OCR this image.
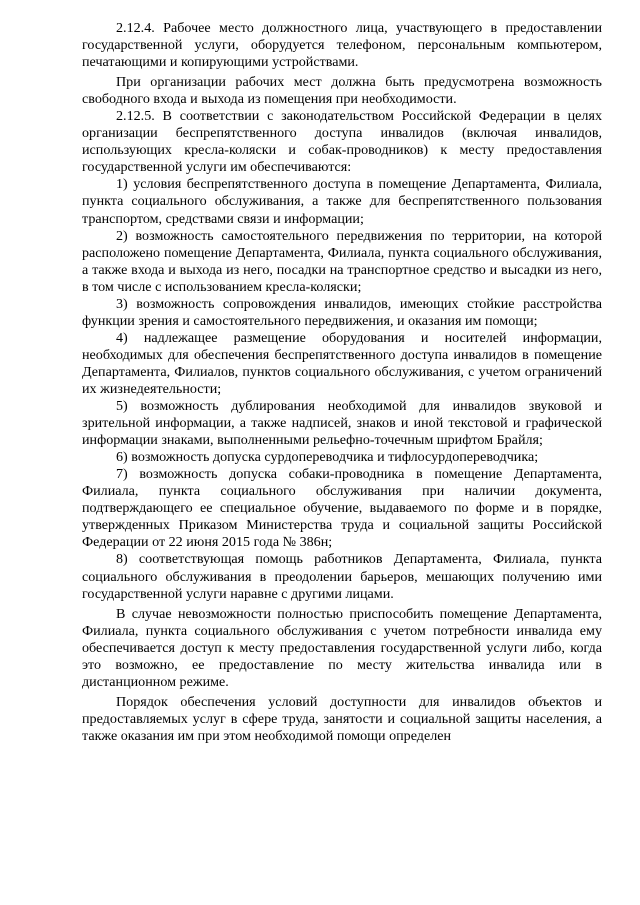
2.12.4. Рабочее место должностного лица, участвующего в предоставлении государственной услуги, оборудуется телефоном, персональным компьютером, печатающими и копирующими устройствами.

При организации рабочих мест должна быть предусмотрена возможность свободного входа и выхода из помещения при необходимости.

2.12.5. В соответствии с законодательством Российской Федерации в целях организации беспрепятственного доступа инвалидов (включая инвалидов, использующих кресла-коляски и собак-проводников) к месту предоставления государственной услуги им обеспечиваются:

1) условия беспрепятственного доступа в помещение Департамента, Филиала, пункта социального обслуживания, а также для беспрепятственного пользования транспортом, средствами связи и информации;

2) возможность самостоятельного передвижения по территории, на которой расположено помещение Департамента, Филиала, пункта социального обслуживания, а также входа и выхода из него, посадки на транспортное средство и высадки из него, в том числе с использованием кресла-коляски;

3) возможность сопровождения инвалидов, имеющих стойкие расстройства функции зрения и самостоятельного передвижения, и оказания им помощи;

4) надлежащее размещение оборудования и носителей информации, необходимых для обеспечения беспрепятственного доступа инвалидов в помещение Департамента, Филиалов, пунктов социального обслуживания, с учетом ограничений их жизнедеятельности;

5) возможность дублирования необходимой для инвалидов звуковой и зрительной информации, а также надписей, знаков и иной текстовой и графической информации знаками, выполненными рельефно-точечным шрифтом Брайля;

6) возможность допуска сурдопереводчика и тифлосурдопереводчика;

7) возможность допуска собаки-проводника в помещение Департамента, Филиала, пункта социального обслуживания при наличии документа, подтверждающего ее специальное обучение, выдаваемого по форме и в порядке, утвержденных Приказом Министерства труда и социальной защиты Российской Федерации от 22 июня 2015 года № 386н;

8) соответствующая помощь работников Департамента, Филиала, пункта социального обслуживания в преодолении барьеров, мешающих получению ими государственной услуги наравне с другими лицами.

В случае невозможности полностью приспособить помещение Департамента, Филиала, пункта социального обслуживания с учетом потребности инвалида ему обеспечивается доступ к месту предоставления государственной услуги либо, когда это возможно, ее предоставление по месту жительства инвалида или в дистанционном режиме.

Порядок обеспечения условий доступности для инвалидов объектов и предоставляемых услуг в сфере труда, занятости и социальной защиты населения, а также оказания им при этом необходимой помощи определен
